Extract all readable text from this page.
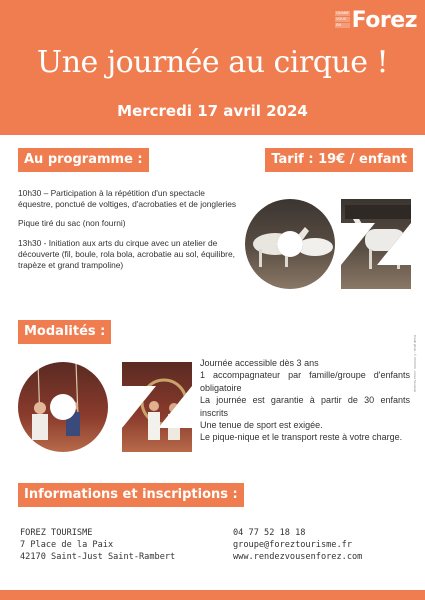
QUANE
VOUS
EN Forez
Une journée au cirque !
Mercredi 17 avril 2024
Au programme :	Tarif : 19€ / enfant

10h30 – Participation à la répétition d'un spectacle équestre, ponctué de voltiges, d'acrobaties et de jongleries

Pique tiré du sac (non fourni)

13h30 - Initiation aux arts du cirque avec un atelier de découverte (fil, boule, rola bola, acrobatie au sol, équilibre, trapèze et grand trampoline)

Modalités :

Journée accessible dès 3 ans

1 accompagnateur par famille/groupe d'enfants obligatoire

La journée est garantie à partir de 30 enfants inscrits

Une tenue de sport est exigée.

Le pique-nique et le transport reste à votre charge.

Crédit photo : © XXXXXX - Forez Tourisme
Informations et inscriptions :
FOREZ TOURISME
7 Place de la Paix
42170 Saint-Just Saint-Rambert
04 77 52 18 18
groupe@foreztourisme.fr
www.rendezvousenforez.com
